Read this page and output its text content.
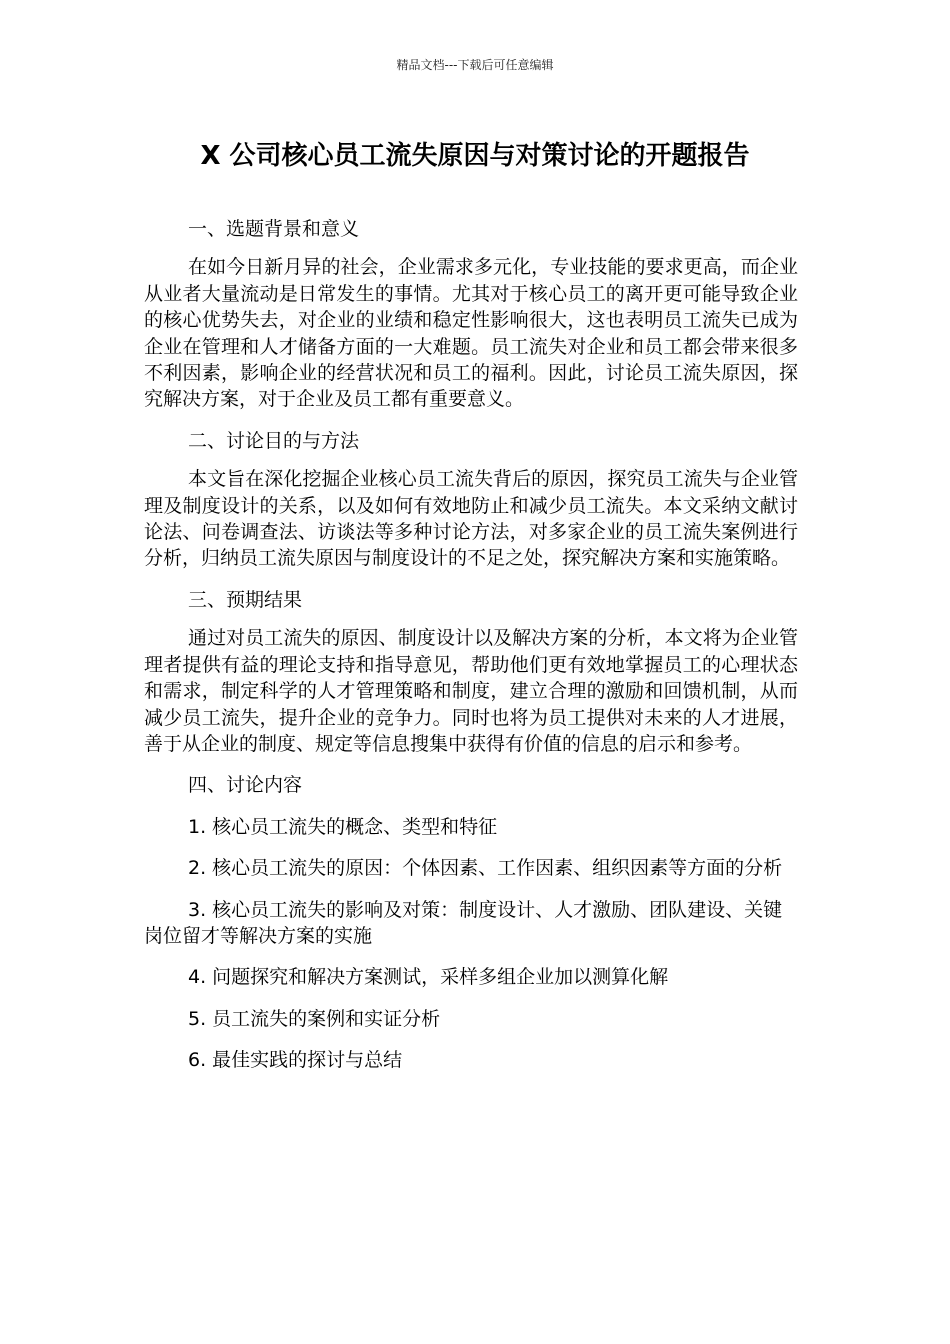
精品文档---下载后可任意编辑
X 公司核心员工流失原因与对策讨论的开题报告

一、选题背景和意义

在如今日新月异的社会，企业需求多元化，专业技能的要求更高，而企业从业者大量流动是日常发生的事情。尤其对于核心员工的离开更可能导致企业的核心优势失去，对企业的业绩和稳定性影响很大，这也表明员工流失已成为企业在管理和人才储备方面的一大难题。员工流失对企业和员工都会带来很多不利因素，影响企业的经营状况和员工的福利。因此，讨论员工流失原因，探究解决方案，对于企业及员工都有重要意义。

二、讨论目的与方法

本文旨在深化挖掘企业核心员工流失背后的原因，探究员工流失与企业管理及制度设计的关系，以及如何有效地防止和减少员工流失。本文采纳文献讨论法、问卷调查法、访谈法等多种讨论方法，对多家企业的员工流失案例进行分析，归纳员工流失原因与制度设计的不足之处，探究解决方案和实施策略。

三、预期结果

通过对员工流失的原因、制度设计以及解决方案的分析，本文将为企业管理者提供有益的理论支持和指导意见，帮助他们更有效地掌握员工的心理状态和需求，制定科学的人才管理策略和制度，建立合理的激励和回馈机制，从而减少员工流失，提升企业的竞争力。同时也将为员工提供对未来的人才进展，善于从企业的制度、规定等信息搜集中获得有价值的信息的启示和参考。

四、讨论内容

1. 核心员工流失的概念、类型和特征

2. 核心员工流失的原因：个体因素、工作因素、组织因素等方面的分析

3. 核心员工流失的影响及对策：制度设计、人才激励、团队建设、关键岗位留才等解决方案的实施

4. 问题探究和解决方案测试，采样多组企业加以测算化解

5. 员工流失的案例和实证分析

6. 最佳实践的探讨与总结
